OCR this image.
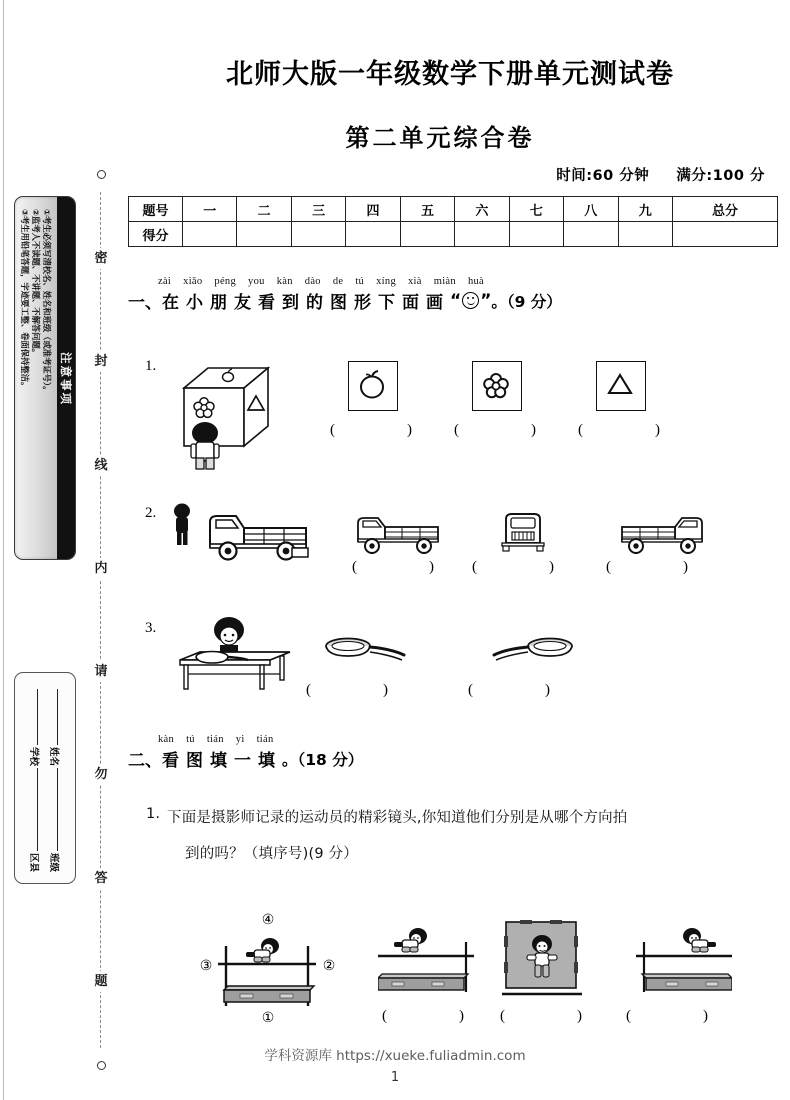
北师大版一年级数学下册单元测试卷
第二单元综合卷
时间:60 分钟 满分:100 分
题号	一	二	三	四	五	六	七	八	九	总分
得分										
密
封
线
内
请
勿
答
题
①考生必须写清校名、姓名和班级（或准考证号）。
②监考人不读题、不讲题、不解答问题。
③考生用铅笔答题，字迹要工整、卷面保持整洁。	注意事项
学校 姓名
区县 班级
zài xiǎo péng you kàn dào de tú xíng xià miàn huà
一、 在小朋友看到的图形下面画 “ ” 。（9 分）
1.
(　　) (　　) (　　)
2.
(　　) (　　)	(　　)
3.
(　　)	(　　)
kàn tú tián yi tián
二、 看图填一填 。（18 分）
1. 下面是摄影师记录的运动员的精彩镜头,你知道他们分别是从哪个方向拍
到的吗？（填序号)(9 分）
④
③	②
①	(　　) (　　) (　　)
学科资源库 https://xueke.fuliadmin.com
1
